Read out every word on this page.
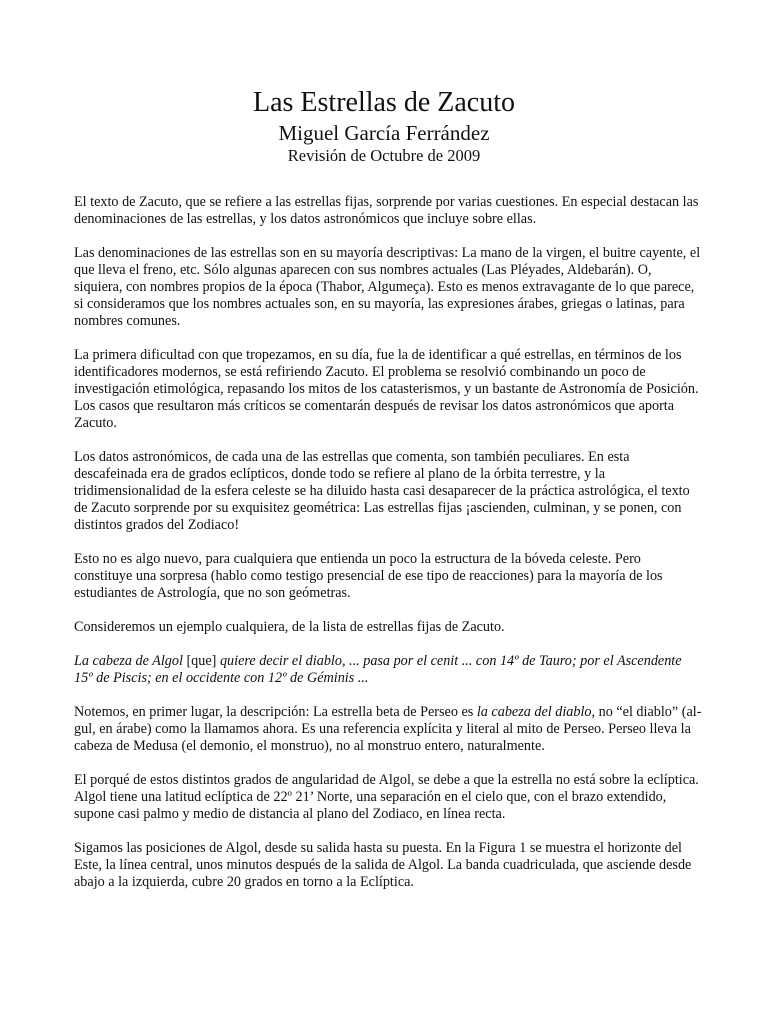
Las Estrellas de Zacuto
Miguel García Ferrández
Revisión de Octubre de 2009

El texto de Zacuto, que se refiere a las estrellas fijas, sorprende por varias cuestiones. En especial destacan las denominaciones de las estrellas, y los datos astronómicos que incluye sobre ellas.

Las denominaciones de las estrellas son en su mayoría descriptivas: La mano de la virgen, el buitre cayente, el que lleva el freno, etc. Sólo algunas aparecen con sus nombres actuales (Las Pléyades, Aldebarán). O, siquiera, con nombres propios de la época (Thabor, Algumeça). Esto es menos extravagante de lo que parece, si consideramos que los nombres actuales son, en su mayoría, las expresiones árabes, griegas o latinas, para nombres comunes.

La primera dificultad con que tropezamos, en su día, fue la de identificar a qué estrellas, en términos de los identificadores modernos, se está refiriendo Zacuto. El problema se resolvió combinando un poco de investigación etimológica, repasando los mitos de los catasterismos, y un bastante de Astronomía de Posición. Los casos que resultaron más críticos se comentarán después de revisar los datos astronómicos que aporta Zacuto.

Los datos astronómicos, de cada una de las estrellas que comenta, son también peculiares. En esta descafeinada era de grados eclípticos, donde todo se refiere al plano de la órbita terrestre, y la tridimensionalidad de la esfera celeste se ha diluido hasta casi desaparecer de la práctica astrológica, el texto de Zacuto sorprende por su exquisitez geométrica: Las estrellas fijas ¡ascienden, culminan, y se ponen, con distintos grados del Zodiaco!

Esto no es algo nuevo, para cualquiera que entienda un poco la estructura de la bóveda celeste. Pero constituye una sorpresa (hablo como testigo presencial de ese tipo de reacciones) para la mayoría de los estudiantes de Astrología, que no son geómetras.

Consideremos un ejemplo cualquiera, de la lista de estrellas fijas de Zacuto.

La cabeza de Algol [que] quiere decir el diablo, ... pasa por el cenit ... con 14º de Tauro; por el Ascendente 15º de Piscis; en el occidente con 12º de Géminis ...

Notemos, en primer lugar, la descripción: La estrella beta de Perseo es la cabeza del diablo, no “el diablo” (al-gul, en árabe) como la llamamos ahora. Es una referencia explícita y literal al mito de Perseo. Perseo lleva la cabeza de Medusa (el demonio, el monstruo), no al monstruo entero, naturalmente.

El porqué de estos distintos grados de angularidad de Algol, se debe a que la estrella no está sobre la eclíptica. Algol tiene una latitud eclíptica de 22º 21’ Norte, una separación en el cielo que, con el brazo extendido, supone casi palmo y medio de distancia al plano del Zodiaco, en línea recta.

Sigamos las posiciones de Algol, desde su salida hasta su puesta. En la Figura 1 se muestra el horizonte del Este, la línea central, unos minutos después de la salida de Algol. La banda cuadriculada, que asciende desde abajo a la izquierda, cubre 20 grados en torno a la Eclíptica.
